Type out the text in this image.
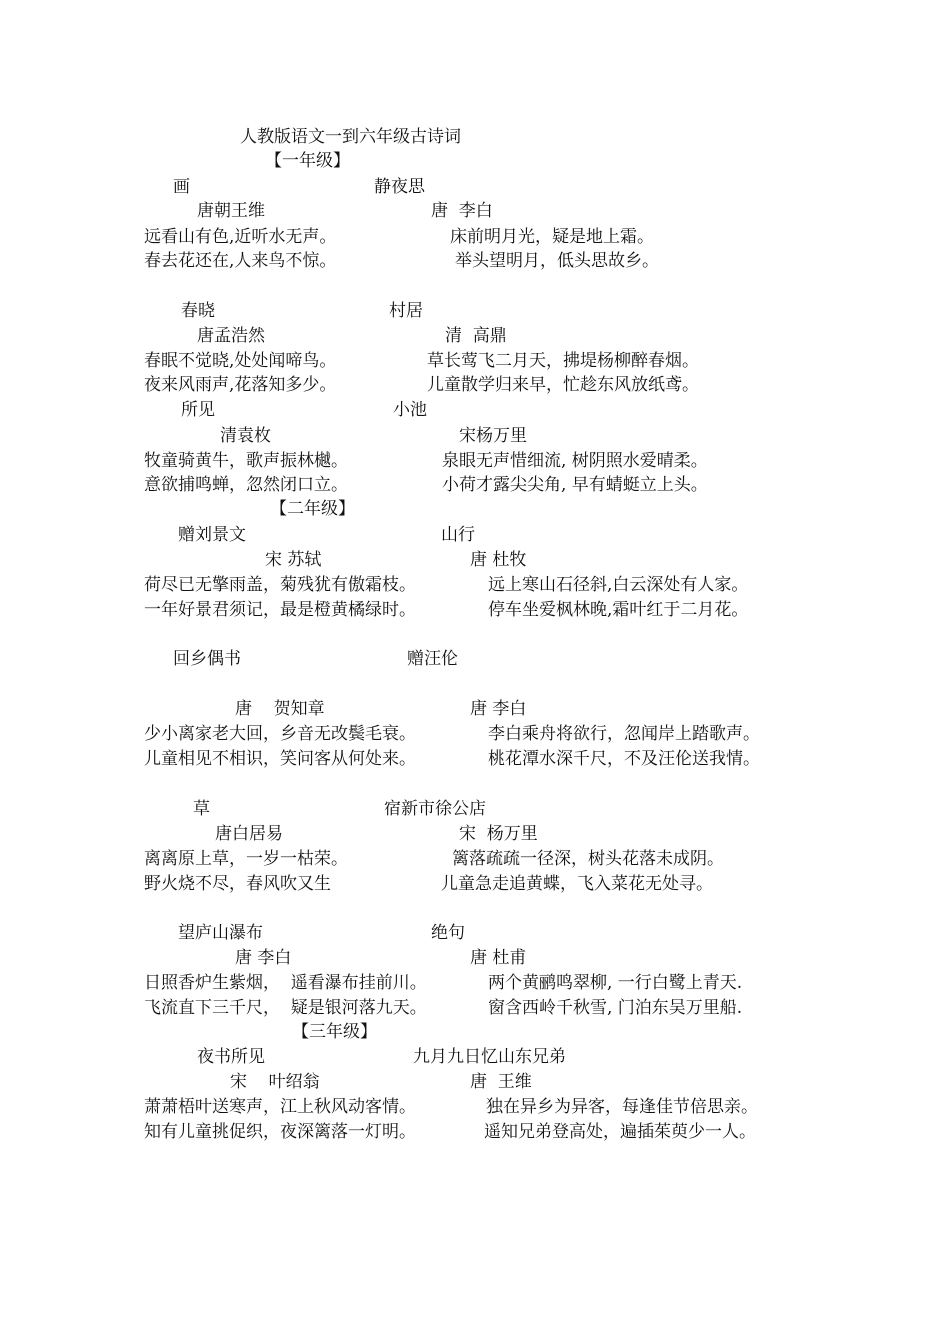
人教版语文一到六年级古诗词
【一年级】
画	静夜思
唐朝王维	唐  李白
远看山有色,近听水无声。	床前明月光，疑是地上霜。
春去花还在,人来鸟不惊。	举头望明月，低头思故乡。
春晓	村居
唐孟浩然	清  高鼎
春眠不觉晓,处处闻啼鸟。	草长莺飞二月天，拂堤杨柳醉春烟。
夜来风雨声,花落知多少。	儿童散学归来早，忙趁东风放纸鸢。
所见	小池
清袁枚	宋杨万里
牧童骑黄牛，歌声振林樾。	泉眼无声惜细流, 树阴照水爱晴柔。
意欲捕鸣蝉，忽然闭口立。	小荷才露尖尖角, 早有蜻蜓立上头。
【二年级】
赠刘景文	山行
宋 苏轼	唐 杜牧
荷尽已无擎雨盖，菊残犹有傲霜枝。	远上寒山石径斜,白云深处有人家。
一年好景君须记，最是橙黄橘绿时。	停车坐爱枫林晚,霜叶红于二月花。
回乡偶书	赠汪伦
唐    贺知章	唐 李白
少小离家老大回，乡音无改鬓毛衰。	李白乘舟将欲行，忽闻岸上踏歌声。
儿童相见不相识，笑问客从何处来。	桃花潭水深千尺，不及汪伦送我情。
草	宿新市徐公店
唐白居易	宋  杨万里
离离原上草，一岁一枯荣。	篱落疏疏一径深，树头花落未成阴。
野火烧不尽，春风吹又生	儿童急走追黄蝶，飞入菜花无处寻。
望庐山瀑布	绝句
唐 李白	唐 杜甫
日照香炉生紫烟，  遥看瀑布挂前川。	两个黄鹂鸣翠柳, 一行白鹭上青天.
飞流直下三千尺，  疑是银河落九天。	窗含西岭千秋雪, 门泊东吴万里船.
【三年级】
夜书所见	九月九日忆山东兄弟
宋    叶绍翁	唐  王维
萧萧梧叶送寒声，江上秋风动客情。	独在异乡为异客，每逢佳节倍思亲。
知有儿童挑促织，夜深篱落一灯明。	遥知兄弟登高处，遍插茱萸少一人。
